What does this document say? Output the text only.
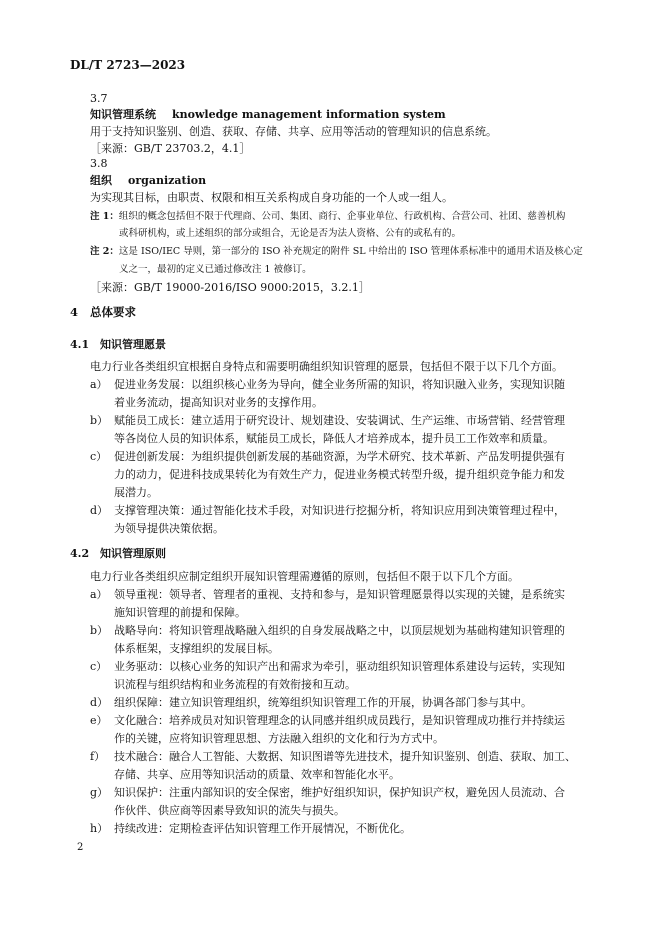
DL/T 2723—2023
3.7
知识管理系统 knowledge management information system
用于支持知识鉴别、创造、获取、存储、共享、应用等活动的管理知识的信息系统。
［来源：GB/T 23703.2，4.1］
3.8
组织 organization
为实现其目标，由职责、权限和相互关系构成自身功能的一个人或一组人。
注 1：组织的概念包括但不限于代理商、公司、集团、商行、企事业单位、行政机构、合营公司、社团、慈善机构
或科研机构，或上述组织的部分或组合，无论是否为法人资格、公有的或私有的。
注 2：这是 ISO/IEC 导则，第一部分的 ISO 补充规定的附件 SL 中给出的 ISO 管理体系标准中的通用术语及核心定
义之一，最初的定义已通过修改注 1 被修订。
［来源：GB/T 19000-2016/ISO 9000:2015，3.2.1］
4 总体要求
4.1 知识管理愿景
电力行业各类组织宜根据自身特点和需要明确组织知识管理的愿景，包括但不限于以下几个方面。
a） 促进业务发展：以组织核心业务为导向，健全业务所需的知识，将知识融入业务，实现知识随
着业务流动，提高知识对业务的支撑作用。
b） 赋能员工成长：建立适用于研究设计、规划建设、安装调试、生产运维、市场营销、经营管理
等各岗位人员的知识体系，赋能员工成长，降低人才培养成本，提升员工工作效率和质量。
c） 促进创新发展：为组织提供创新发展的基础资源，为学术研究、技术革新、产品发明提供强有
力的动力，促进科技成果转化为有效生产力，促进业务模式转型升级，提升组织竞争能力和发
展潜力。
d） 支撑管理决策：通过智能化技术手段，对知识进行挖掘分析，将知识应用到决策管理过程中，
为领导提供决策依据。
4.2 知识管理原则
电力行业各类组织应制定组织开展知识管理需遵循的原则，包括但不限于以下几个方面。
a） 领导重视：领导者、管理者的重视、支持和参与，是知识管理愿景得以实现的关键，是系统实
施知识管理的前提和保障。
b） 战略导向：将知识管理战略融入组织的自身发展战略之中，以顶层规划为基础构建知识管理的
体系框架，支撑组织的发展目标。
c） 业务驱动：以核心业务的知识产出和需求为牵引，驱动组织知识管理体系建设与运转，实现知
识流程与组织结构和业务流程的有效衔接和互动。
d） 组织保障：建立知识管理组织，统筹组织知识管理工作的开展，协调各部门参与其中。
e） 文化融合：培养成员对知识管理理念的认同感并组织成员践行，是知识管理成功推行并持续运
作的关键，应将知识管理思想、方法融入组织的文化和行为方式中。
f） 技术融合：融合人工智能、大数据、知识图谱等先进技术，提升知识鉴别、创造、获取、加工、
存储、共享、应用等知识活动的质量、效率和智能化水平。
g） 知识保护：注重内部知识的安全保密，维护好组织知识，保护知识产权，避免因人员流动、合
作伙伴、供应商等因素导致知识的流失与损失。
h） 持续改进：定期检查评估知识管理工作开展情况，不断优化。
2
